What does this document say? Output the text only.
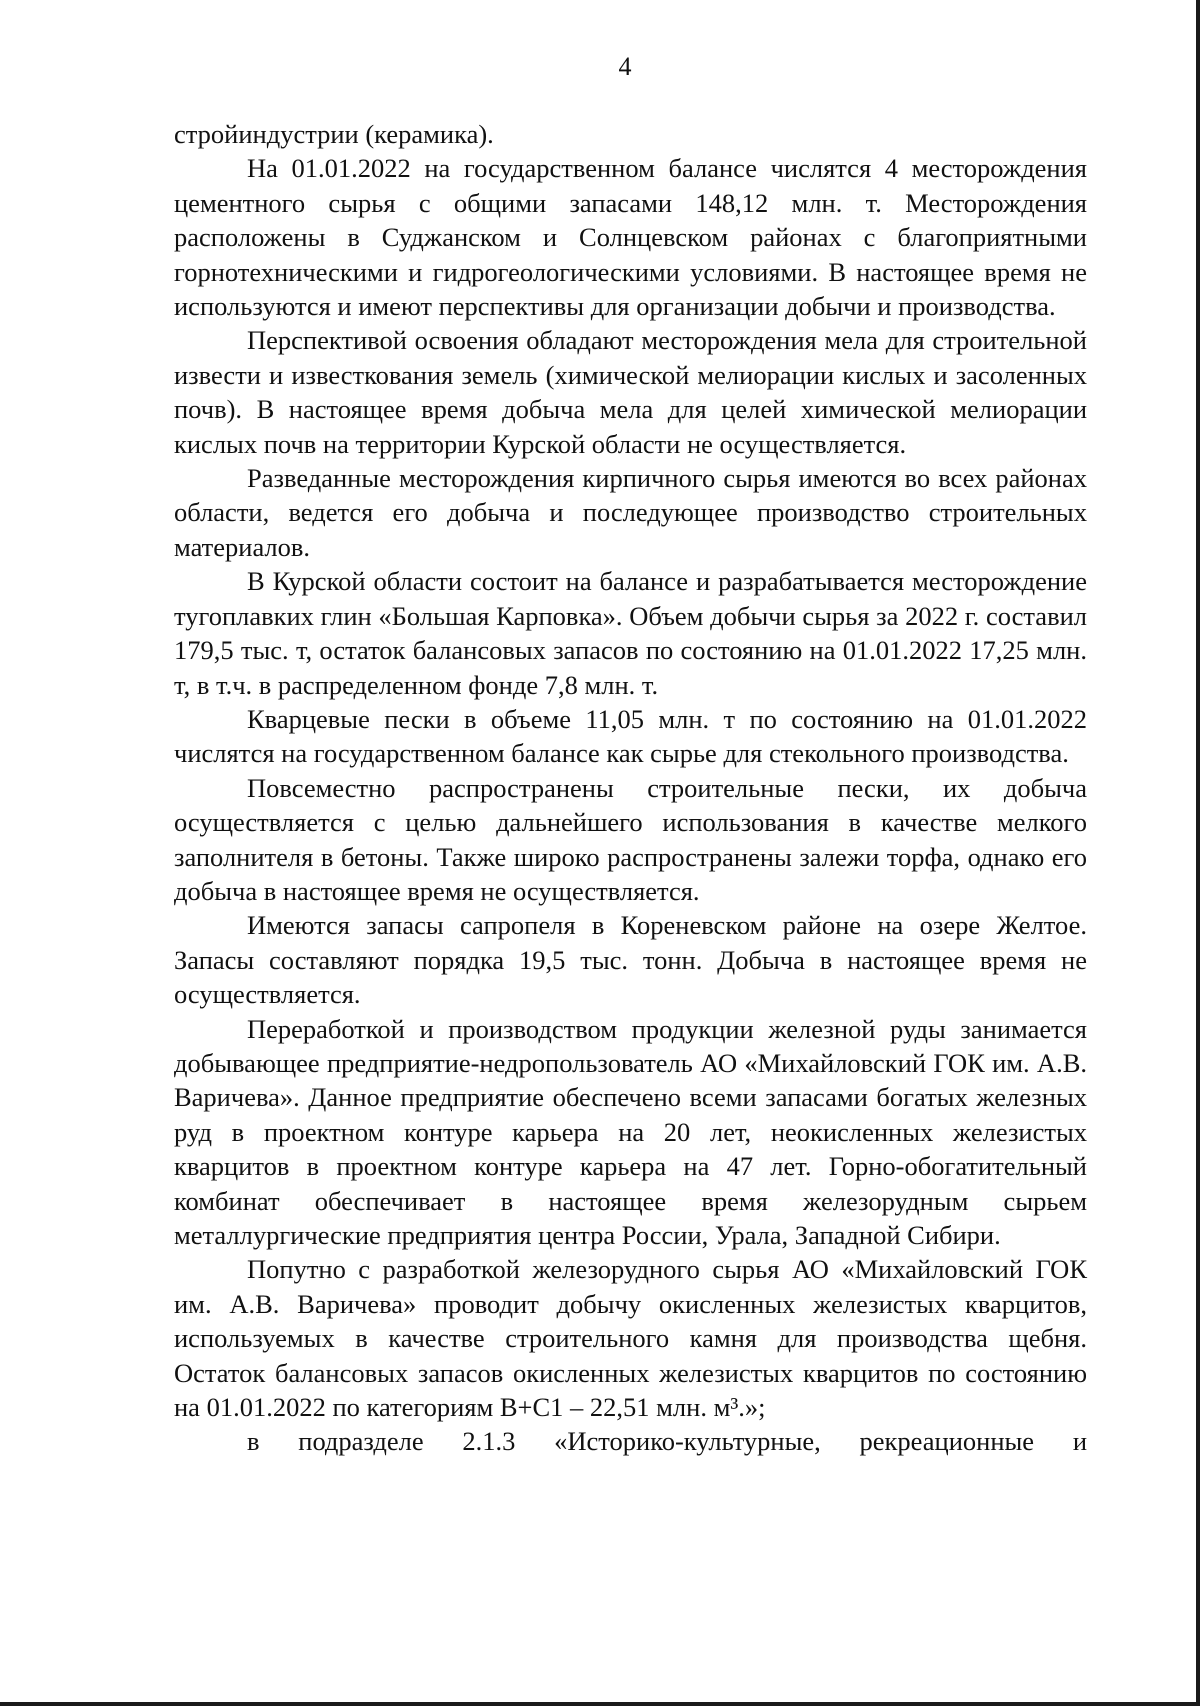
4

стройиндустрии (керамика).

На 01.01.2022 на государственном балансе числятся 4 месторождения цементного сырья с общими запасами 148,12 млн. т. Месторождения расположены в Суджанском и Солнцевском районах с благоприятными горнотехническими и гидрогеологическими условиями. В настоящее время не используются и имеют перспективы для организации добычи и производства.

Перспективой освоения обладают месторождения мела для строительной извести и известкования земель (химической мелиорации кислых и засоленных почв). В настоящее время добыча мела для целей химической мелиорации кислых почв на территории Курской области не осуществляется.

Разведанные месторождения кирпичного сырья имеются во всех районах области, ведется его добыча и последующее производство строительных материалов.

В Курской области состоит на балансе и разрабатывается месторождение тугоплавких глин «Большая Карповка». Объем добычи сырья за 2022 г. составил 179,5 тыс. т, остаток балансовых запасов по состоянию на 01.01.2022 17,25 млн. т, в т.ч. в распределенном фонде 7,8 млн. т.

Кварцевые пески в объеме 11,05 млн. т по состоянию на 01.01.2022 числятся на государственном балансе как сырье для стекольного производства.

Повсеместно распространены строительные пески, их добыча осуществляется с целью дальнейшего использования в качестве мелкого заполнителя в бетоны. Также широко распространены залежи торфа, однако его добыча в настоящее время не осуществляется.

Имеются запасы сапропеля в Кореневском районе на озере Желтое. Запасы составляют порядка 19,5 тыс. тонн. Добыча в настоящее время не осуществляется.

Переработкой и производством продукции железной руды занимается добывающее предприятие-недропользователь АО «Михайловский ГОК им. А.В. Варичева». Данное предприятие обеспечено всеми запасами богатых железных руд в проектном контуре карьера на 20 лет, неокисленных железистых кварцитов в проектном контуре карьера на 47 лет. Горно-обогатительный комбинат обеспечивает в настоящее время железорудным сырьем металлургические предприятия центра России, Урала, Западной Сибири.

Попутно с разработкой железорудного сырья АО «Михайловский ГОК им. А.В. Варичева» проводит добычу окисленных железистых кварцитов, используемых в качестве строительного камня для производства щебня. Остаток балансовых запасов окисленных железистых кварцитов по состоянию на 01.01.2022 по категориям В+С1 – 22,51 млн. м³.»;

в подразделе 2.1.3 «Историко-культурные, рекреационные и
